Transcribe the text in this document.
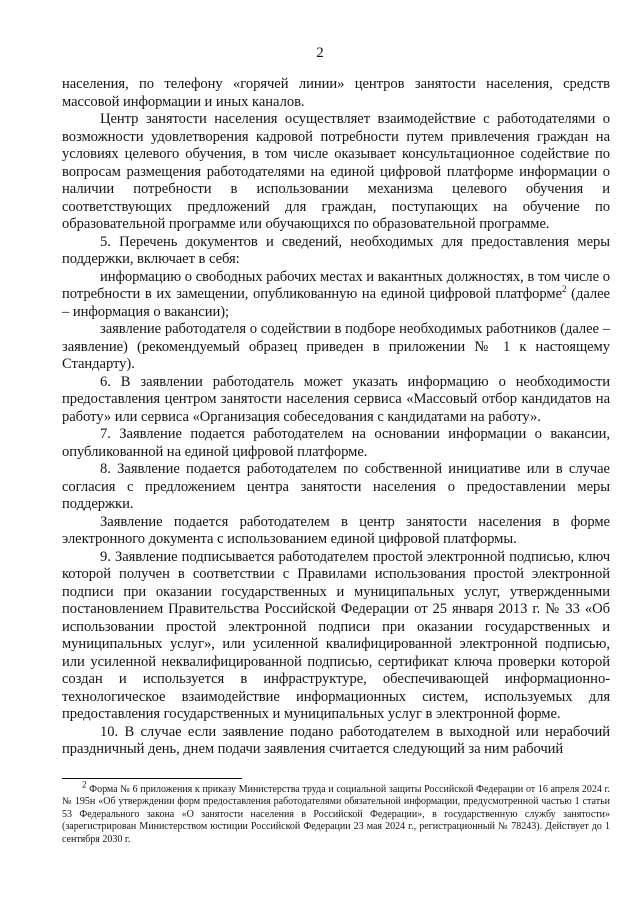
2

населения, по телефону «горячей линии» центров занятости населения, средств массовой информации и иных каналов.

Центр занятости населения осуществляет взаимодействие с работодателями о возможности удовлетворения кадровой потребности путем привлечения граждан на условиях целевого обучения, в том числе оказывает консультационное содействие по вопросам размещения работодателями на единой цифровой платформе информации о наличии потребности в использовании механизма целевого обучения и соответствующих предложений для граждан, поступающих на обучение по образовательной программе или обучающихся по образовательной программе.

5. Перечень документов и сведений, необходимых для предоставления меры поддержки, включает в себя:

информацию о свободных рабочих местах и вакантных должностях, в том числе о потребности в их замещении, опубликованную на единой цифровой платформе$^2$ (далее – информация о вакансии);

заявление работодателя о содействии в подборе необходимых работников (далее – заявление) (рекомендуемый образец приведен в приложении № 1 к настоящему Стандарту).

6. В заявлении работодатель может указать информацию о необходимости предоставления центром занятости населения сервиса «Массовый отбор кандидатов на работу» или сервиса «Организация собеседования с кандидатами на работу».

7. Заявление подается работодателем на основании информации о вакансии, опубликованной на единой цифровой платформе.

8. Заявление подается работодателем по собственной инициативе или в случае согласия с предложением центра занятости населения о предоставлении меры поддержки.

Заявление подается работодателем в центр занятости населения в форме электронного документа с использованием единой цифровой платформы.

9. Заявление подписывается работодателем простой электронной подписью, ключ которой получен в соответствии с Правилами использования простой электронной подписи при оказании государственных и муниципальных услуг, утвержденными постановлением Правительства Российской Федерации от 25 января 2013 г. № 33 «Об использовании простой электронной подписи при оказании государственных и муниципальных услуг», или усиленной квалифицированной электронной подписью, или усиленной неквалифицированной подписью, сертификат ключа проверки которой создан и используется в инфраструктуре, обеспечивающей информационно-технологическое взаимодействие информационных систем, используемых для предоставления государственных и муниципальных услуг в электронной форме.

10. В случае если заявление подано работодателем в выходной или нерабочий праздничный день, днем подачи заявления считается следующий за ним рабочий

$^2$ Форма № 6 приложения к приказу Министерства труда и социальной защиты Российской Федерации от 16 апреля 2024 г. № 195н «Об утверждении форм предоставления работодателями обязательной информации, предусмотренной частью 1 статьи 53 Федерального закона «О занятости населения в Российской Федерации», в государственную службу занятости» (зарегистрирован Министерством юстиции Российской Федерации 23 мая 2024 г., регистрационный № 78243). Действует до 1 сентября 2030 г.
